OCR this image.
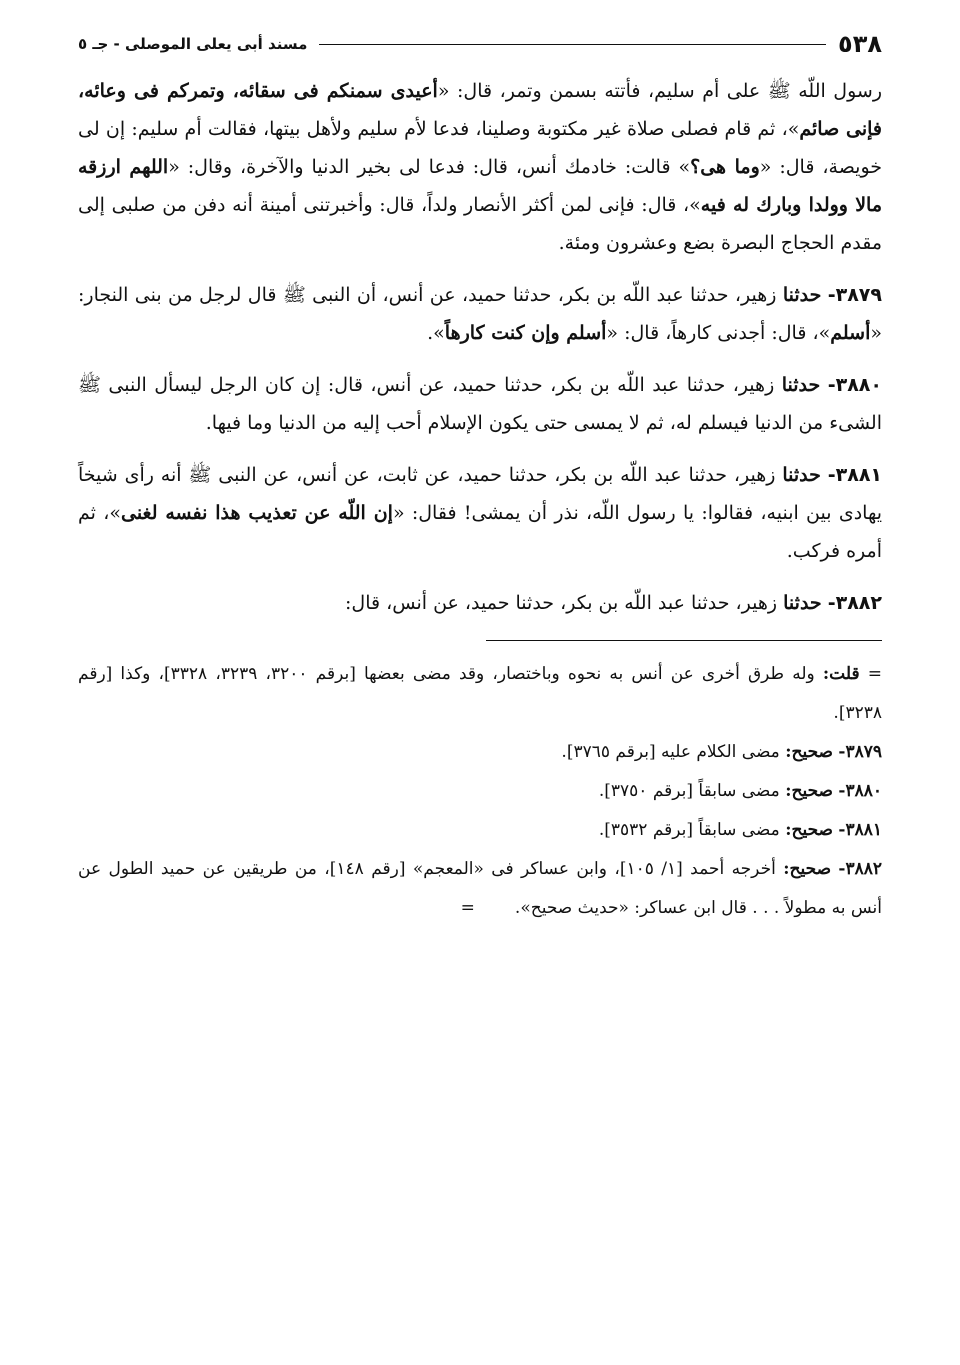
٥٣٨
مسند أبى يعلى الموصلى - جـ ٥

رسول اللّه ﷺ على أم سليم، فأتته بسمن وتمر، قال: «أعيدى سمنكم فى سقائه، وتمركم فى وعائه، فإنى صائم»، ثم قام فصلى صلاة غير مكتوبة وصلينا، فدعا لأم سليم ولأهل بيتها، فقالت أم سليم: إن لى خويصة، قال: «وما هى؟» قالت: خادمك أنس، قال: فدعا لى بخير الدنيا والآخرة، وقال: «اللهم ارزقه مالا وولدا وبارك له فيه»، قال: فإنى لمن أكثر الأنصار ولداً، قال: وأخبرتنى أمينة أنه دفن من صلبى إلى مقدم الحجاج البصرة بضع وعشرون ومئة.

٣٨٧٩- حدثنا زهير، حدثنا عبد اللّه بن بكر، حدثنا حميد، عن أنس، أن النبى ﷺ قال لرجل من بنى النجار: «أسلم»، قال: أجدنى كارهاً، قال: «أسلم وإن كنت كارهاً».

٣٨٨٠- حدثنا زهير، حدثنا عبد اللّه بن بكر، حدثنا حميد، عن أنس، قال: إن كان الرجل ليسأل النبى ﷺ الشىء من الدنيا فيسلم له، ثم لا يمسى حتى يكون الإسلام أحب إليه من الدنيا وما فيها.

٣٨٨١- حدثنا زهير، حدثنا عبد اللّه بن بكر، حدثنا حميد، عن ثابت، عن أنس، عن النبى ﷺ أنه رأى شيخاً يهادى بين ابنيه، فقالوا: يا رسول اللّه، نذر أن يمشى! فقال: «إن اللّه عن تعذيب هذا نفسه لغنى»، ثم أمره فركب.

٣٨٨٢- حدثنا زهير، حدثنا عبد اللّه بن بكر، حدثنا حميد، عن أنس، قال:

= قلت: وله طرق أخرى عن أنس به نحوه وباختصار، وقد مضى بعضها [برقم ٣٢٠٠، ٣٢٣٩، ٣٣٢٨]، وكذا [رقم ٣٢٣٨].

٣٨٧٩- صحيح: مضى الكلام عليه [برقم ٣٧٦٥].

٣٨٨٠- صحيح: مضى سابقاً [برقم ٣٧٥٠].

٣٨٨١- صحيح: مضى سابقاً [برقم ٣٥٣٢].

٣٨٨٢- صحيح: أخرجه أحمد [١/ ١٠٥]، وابن عساكر فى «المعجم» [رقم ١٤٨]، من طريقين عن حميد الطول عن أنس به مطولاً . . . قال ابن عساكر: «حديث صحيح».=
